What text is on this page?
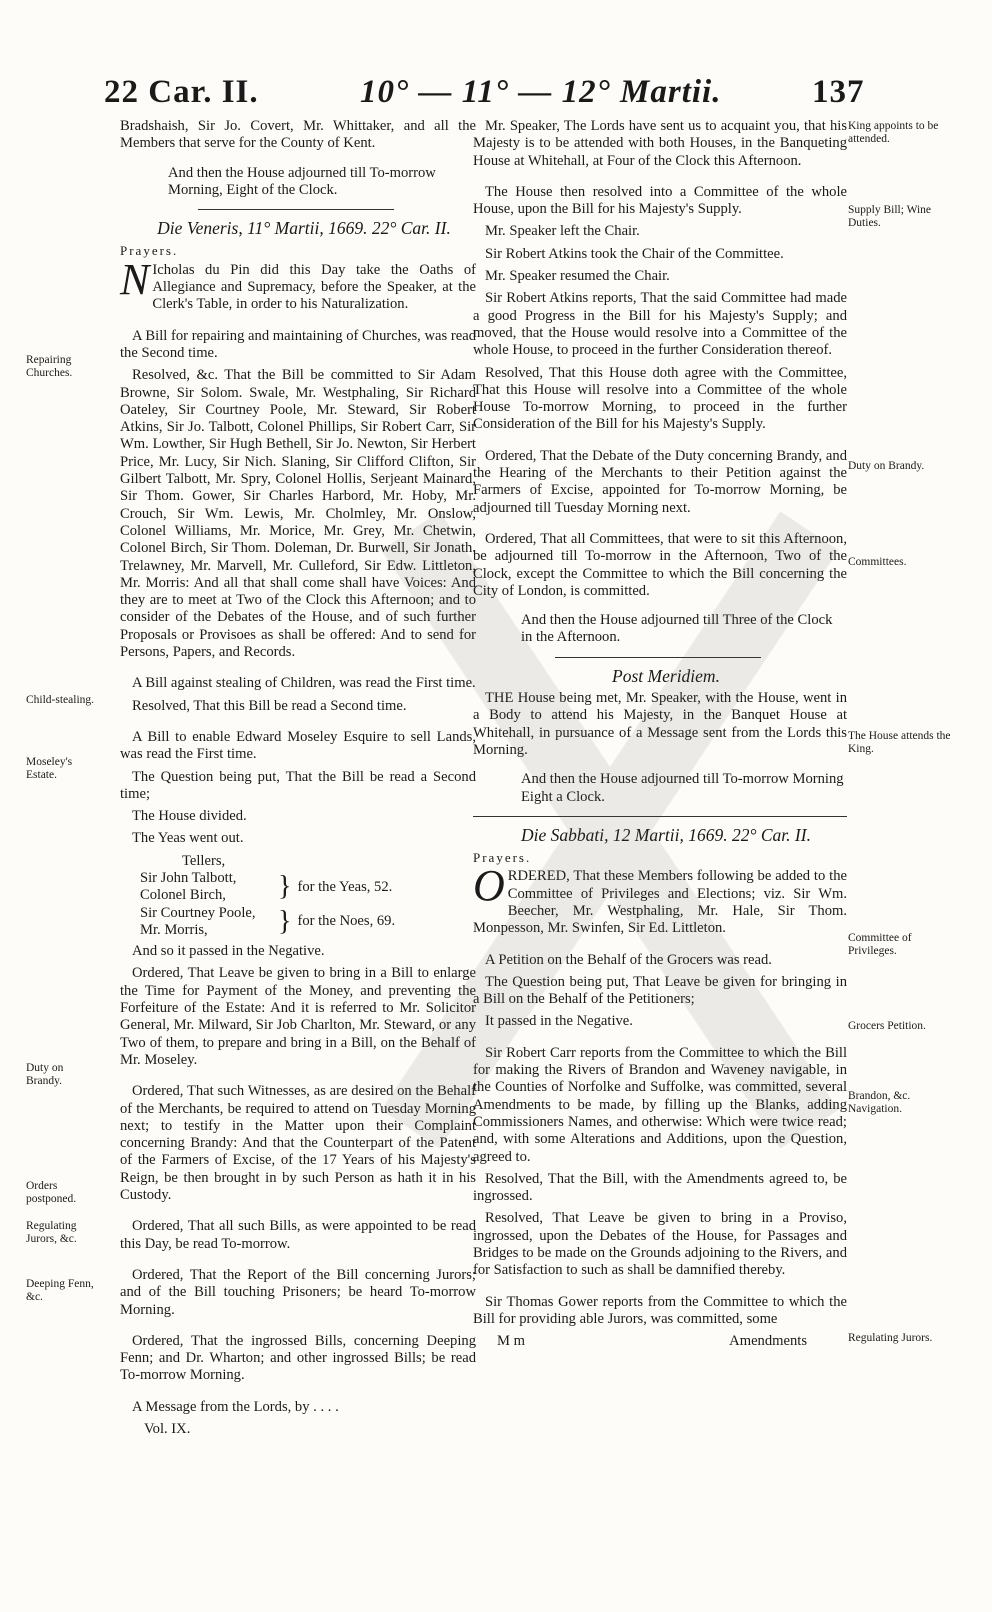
22 Car. II.	10° — 11° — 12° Martii.	137

Bradshaish, Sir Jo. Covert, Mr. Whittaker, and all the Members that serve for the County of Kent.

And then the House adjourned till To-morrow Morning, Eight of the Clock.

Die Veneris, 11° Martii, 1669. 22° Car. II.

Prayers.

N Icholas du Pin did this Day take the Oaths of Allegiance and Supremacy, before the Speaker, at the Clerk's Table, in order to his Naturalization.

A Bill for repairing and maintaining of Churches, was read the Second time.

Resolved, &c. That the Bill be committed to Sir Adam Browne, Sir Solom. Swale, Mr. Westphaling, Sir Richard Oateley, Sir Courtney Poole, Mr. Steward, Sir Robert Atkins, Sir Jo. Talbott, Colonel Phillips, Sir Robert Carr, Sir Wm. Lowther, Sir Hugh Bethell, Sir Jo. Newton, Sir Herbert Price, Mr. Lucy, Sir Nich. Slaning, Sir Clifford Clifton, Sir Gilbert Talbott, Mr. Spry, Colonel Hollis, Serjeant Mainard, Sir Thom. Gower, Sir Charles Harbord, Mr. Hoby, Mr. Crouch, Sir Wm. Lewis, Mr. Cholmley, Mr. Onslow, Colonel Williams, Mr. Morice, Mr. Grey, Mr. Chetwin, Colonel Birch, Sir Thom. Doleman, Dr. Burwell, Sir Jonath. Trelawney, Mr. Marvell, Mr. Culleford, Sir Edw. Littleton, Mr. Morris: And all that shall come shall have Voices: And they are to meet at Two of the Clock this Afternoon; and to consider of the Debates of the House, and of such further Proposals or Provisoes as shall be offered: And to send for Persons, Papers, and Records.

A Bill against stealing of Children, was read the First time.

Resolved, That this Bill be read a Second time.

A Bill to enable Edward Moseley Esquire to sell Lands, was read the First time.

The Question being put, That the Bill be read a Second time;

The House divided.

The Yeas went out.

Tellers,
Sir John Talbott,
Colonel Birch,	} for the Yeas, 52.
Sir Courtney Poole,
Mr. Morris,	} for the Noes, 69.

And so it passed in the Negative.

Ordered, That Leave be given to bring in a Bill to enlarge the Time for Payment of the Money, and preventing the Forfeiture of the Estate: And it is referred to Mr. Solicitor General, Mr. Milward, Sir Job Charlton, Mr. Steward, or any Two of them, to prepare and bring in a Bill, on the Behalf of Mr. Moseley.

Ordered, That such Witnesses, as are desired on the Behalf of the Merchants, be required to attend on Tuesday Morning next; to testify in the Matter upon their Complaint concerning Brandy: And that the Counterpart of the Patent of the Farmers of Excise, of the 17 Years of his Majesty's Reign, be then brought in by such Person as hath it in his Custody.

Ordered, That all such Bills, as were appointed to be read this Day, be read To-morrow.

Ordered, That the Report of the Bill concerning Jurors; and of the Bill touching Prisoners; be heard To-morrow Morning.

Ordered, That the ingrossed Bills, concerning Deeping Fenn; and Dr. Wharton; and other ingrossed Bills; be read To-morrow Morning.

A Message from the Lords, by . . . .

Vol. IX.

Mr. Speaker, The Lords have sent us to acquaint you, that his Majesty is to be attended with both Houses, in the Banqueting House at Whitehall, at Four of the Clock this Afternoon.

The House then resolved into a Committee of the whole House, upon the Bill for his Majesty's Supply.

Mr. Speaker left the Chair.

Sir Robert Atkins took the Chair of the Committee.

Mr. Speaker resumed the Chair.

Sir Robert Atkins reports, That the said Committee had made a good Progress in the Bill for his Majesty's Supply; and moved, that the House would resolve into a Committee of the whole House, to proceed in the further Consideration thereof.

Resolved, That this House doth agree with the Committee, That this House will resolve into a Committee of the whole House To-morrow Morning, to proceed in the further Consideration of the Bill for his Majesty's Supply.

Ordered, That the Debate of the Duty concerning Brandy, and the Hearing of the Merchants to their Petition against the Farmers of Excise, appointed for To-morrow Morning, be adjourned till Tuesday Morning next.

Ordered, That all Committees, that were to sit this Afternoon, be adjourned till To-morrow in the Afternoon, Two of the Clock, except the Committee to which the Bill concerning the City of London, is committed.

And then the House adjourned till Three of the Clock in the Afternoon.

Post Meridiem.

THE House being met, Mr. Speaker, with the House, went in a Body to attend his Majesty, in the Banquet House at Whitehall, in pursuance of a Message sent from the Lords this Morning.

And then the House adjourned till To-morrow Morning Eight a Clock.

Die Sabbati, 12 Martii, 1669. 22° Car. II.

Prayers.

ORDERED, That these Members following be added to the Committee of Privileges and Elections; viz. Sir Wm. Beecher, Mr. Westphaling, Mr. Hale, Sir Thom. Monpesson, Mr. Swinfen, Sir Ed. Littleton.

A Petition on the Behalf of the Grocers was read.

The Question being put, That Leave be given for bringing in a Bill on the Behalf of the Petitioners;

It passed in the Negative.

Sir Robert Carr reports from the Committee to which the Bill for making the Rivers of Brandon and Waveney navigable, in the Counties of Norfolke and Suffolke, was committed, several Amendments to be made, by filling up the Blanks, adding Commissioners Names, and otherwise: Which were twice read; and, with some Alterations and Additions, upon the Question, agreed to.

Resolved, That the Bill, with the Amendments agreed to, be ingrossed.

Resolved, That Leave be given to bring in a Proviso, ingrossed, upon the Debates of the House, for Passages and Bridges to be made on the Grounds adjoining to the Rivers, and for Satisfaction to such as shall be damnified thereby.

Sir Thomas Gower reports from the Committee to which the Bill for providing able Jurors, was committed, some

M m	Amendments
Repairing Churches.
Child-stealing.
Moseley's Estate.
Duty on Brandy.
Orders postponed.
Regulating Jurors, &c.
Deeping Fenn, &c.
King appoints to be attended.
Supply Bill; Wine Duties.
Duty on Brandy.
Committees.
The House attends the King.
Committee of Privileges.
Grocers Petition.
Brandon, &c. Navigation.
Regulating Jurors.
